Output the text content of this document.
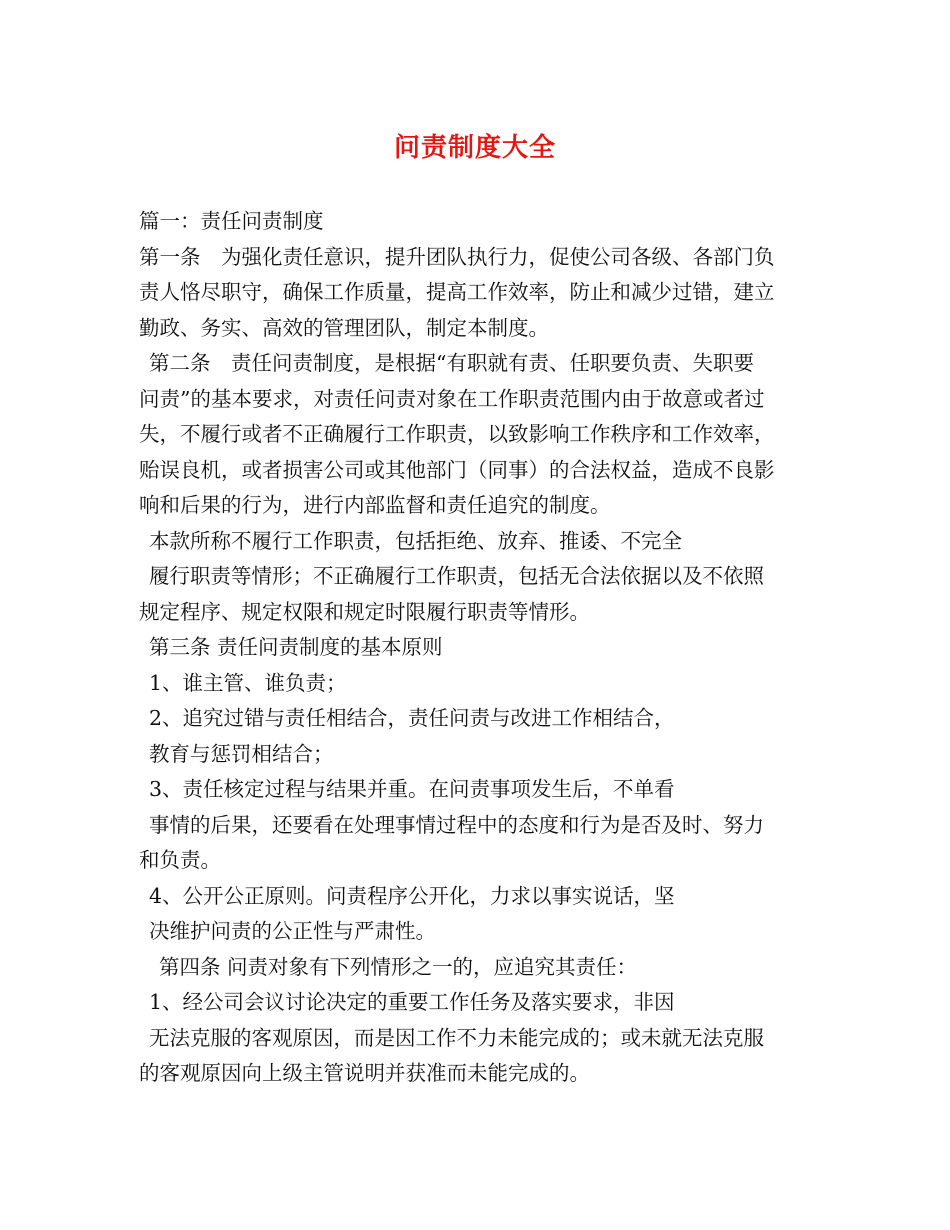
问责制度大全
篇一：责任问责制度
第一条　为强化责任意识，提升团队执行力，促使公司各级、各部门负
责人恪尽职守，确保工作质量，提高工作效率，防止和减少过错，建立
勤政、务实、高效的管理团队，制定本制度。
第二条　责任问责制度，是根据“有职就有责、任职要负责、失职要
问责”的基本要求，对责任问责对象在工作职责范围内由于故意或者过
失，不履行或者不正确履行工作职责，以致影响工作秩序和工作效率，
贻误良机，或者损害公司或其他部门（同事）的合法权益，造成不良影
响和后果的行为，进行内部监督和责任追究的制度。
本款所称不履行工作职责，包括拒绝、放弃、推诿、不完全
履行职责等情形；不正确履行工作职责，包括无合法依据以及不依照
规定程序、规定权限和规定时限履行职责等情形。
第三条 责任问责制度的基本原则
1、谁主管、谁负责；
2、追究过错与责任相结合，责任问责与改进工作相结合，
教育与惩罚相结合；
3、责任核定过程与结果并重。在问责事项发生后，不单看
事情的后果，还要看在处理事情过程中的态度和行为是否及时、努力
和负责。
4、公开公正原则。问责程序公开化，力求以事实说话，坚
决维护问责的公正性与严肃性。
第四条 问责对象有下列情形之一的，应追究其责任：
1、经公司会议讨论决定的重要工作任务及落实要求，非因
无法克服的客观原因，而是因工作不力未能完成的；或未就无法克服
的客观原因向上级主管说明并获准而未能完成的。
